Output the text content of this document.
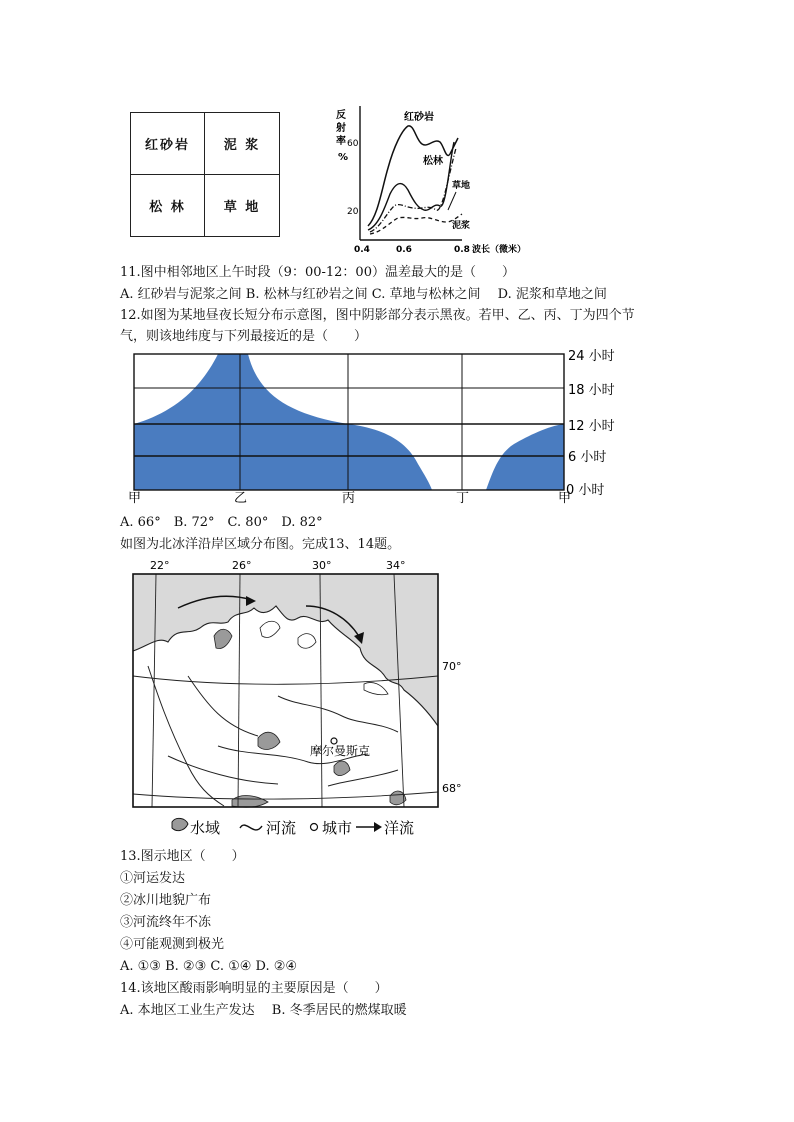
红砂岩	泥 浆
松 林	草 地
反
射
率
%
60
20
0.4	0.6	0.8 波长（微米）
红砂岩
松林
草地
泥浆
11.图中相邻地区上午时段（9：00-12：00）温差最大的是（　　）
A. 红砂岩与泥浆之间 B. 松林与红砂岩之间 C. 草地与松林之间　 D. 泥浆和草地之间
12.如图为某地昼夜长短分布示意图，图中阴影部分表示黑夜。若甲、乙、丙、丁为四个节
气，则该地纬度与下列最接近的是（　　）
24 小时
18 小时
12 小时
6 小时
0 小时
甲	乙	丙	丁	甲
A. 66°　B. 72°　C. 80°　D. 82°
如图为北冰洋沿岸区域分布图。完成13、14题。
22°	26°	30°	34°
摩尔曼斯克
70°
68°
水域	河流 城市 洋流
13.图示地区（　　）
①河运发达
②冰川地貌广布
③河流终年不冻
④可能观测到极光
A. ①③ B. ②③ C. ①④ D. ②④
14.该地区酸雨影响明显的主要原因是（　　）
A. 本地区工业生产发达　 B. 冬季居民的燃煤取暖
